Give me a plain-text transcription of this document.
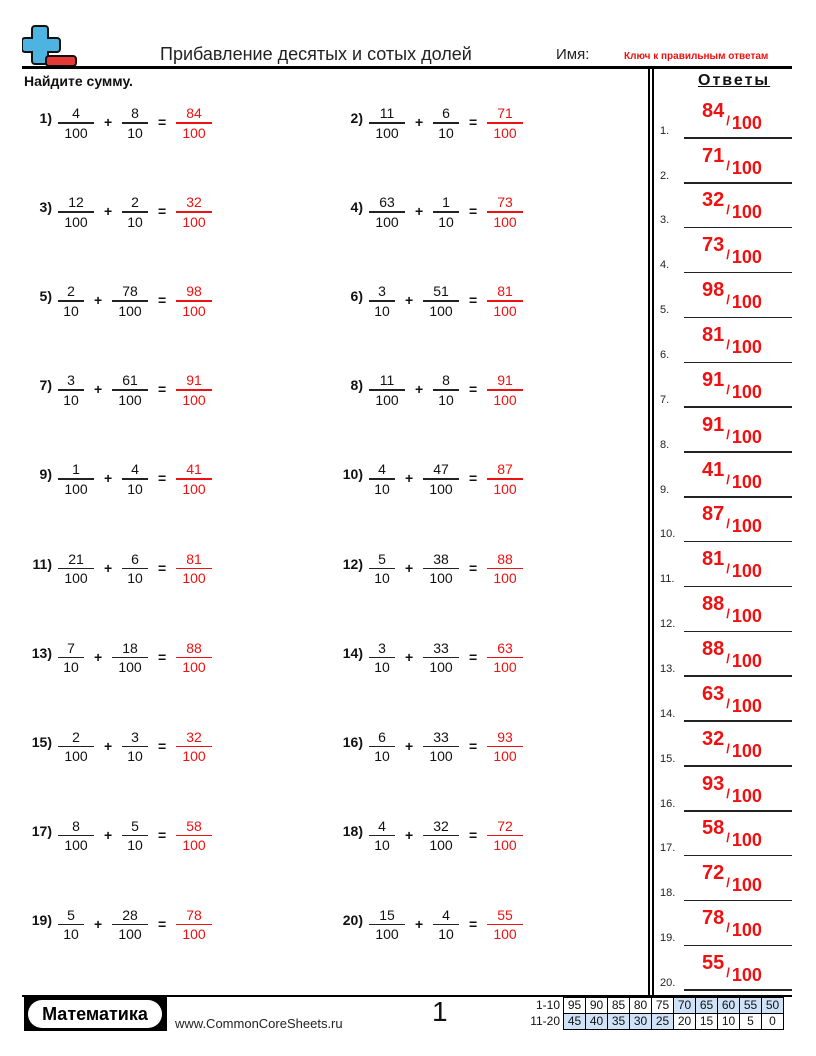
Прибавление десятых и сотых долей	Имя:	Ключ к правильным ответам
Найдите сумму.
1)	4
100
+
8
10
=
84
100
2)	11
100
+
6
10
=
71
100
3)	12
100
+
2
10
=
32
100
4)	63
100
+
1
10
=
73
100
5)	2
10
+
78
100
=
98
100
6)	3
10
+
51
100
=
81
100
7)	3
10
+
61
100
=
91
100
8)	11
100
+
8
10
=
91
100
9)	1
100
+
4
10
=
41
100
10)	4
10
+
47
100
=
87
100
11)	21
100
+
6
10
=
81
100
12)	5
10
+
38
100
=
88
100
13)	7
10
+
18
100
=
88
100
14)	3
10
+
33
100
=
63
100
15)	2
100
+
3
10
=
32
100
16)	6
10
+
33
100
=
93
100
17)	8
100
+
5
10
=
58
100
18)	4
10
+
32
100
=
72
100
19)	5
10
+
28
100
=
78
100
20)	15
100
+
4
10
=
55
100
Ответы
1.
84 / 100
2.
71 / 100
3.
32 / 100
4.
73 / 100
5.
98 / 100
6.
81 / 100
7.
91 / 100
8.
91 / 100
9.
41 / 100
10.
87 / 100
11.
81 / 100
12.
88 / 100
13.
88 / 100
14.
63 / 100
15.
32 / 100
16.
93 / 100
17.
58 / 100
18.
72 / 100
19.
78 / 100
20.
55 / 100
Математика	www.CommonCoreSheets.ru	1	1-10	95	90	85	80	75	70	65	60	55	50
11-20	45	40	35	30	25	20	15	10	5	0
